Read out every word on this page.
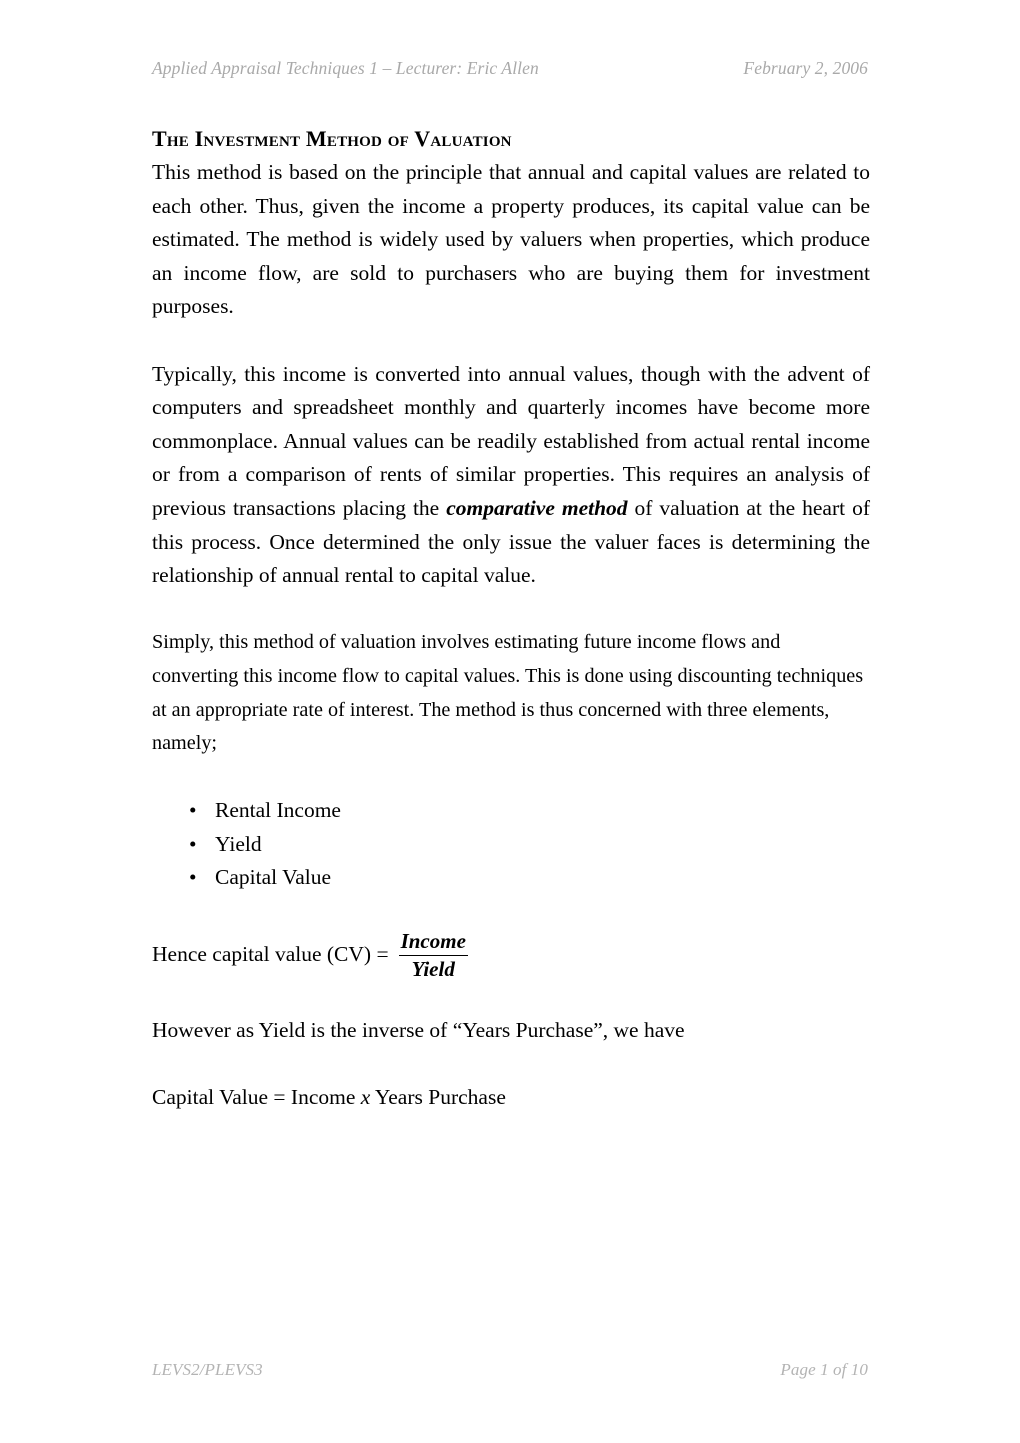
Applied Appraisal Techniques 1 – Lecturer: Eric Allen	February 2, 2006
The Investment Method of Valuation

This method is based on the principle that annual and capital values are related to each other. Thus, given the income a property produces, its capital value can be estimated. The method is widely used by valuers when properties, which produce an income flow, are sold to purchasers who are buying them for investment purposes.

Typically, this income is converted into annual values, though with the advent of computers and spreadsheet monthly and quarterly incomes have become more commonplace. Annual values can be readily established from actual rental income or from a comparison of rents of similar properties. This requires an analysis of previous transactions placing the comparative method of valuation at the heart of this process. Once determined the only issue the valuer faces is determining the relationship of annual rental to capital value.

Simply, this method of valuation involves estimating future income flows and converting this income flow to capital values. This is done using discounting techniques at an appropriate rate of interest. The method is thus concerned with three elements, namely;

• Rental Income
• Yield
• Capital Value
Hence capital value $(CV) = \frac{\text{Income}}{\text{Yield}}$
However as Yield is the inverse of “Years Purchase”, we have
Capital Value = Income x Years Purchase
LEVS2/PLEVS3	Page 1 of 10
